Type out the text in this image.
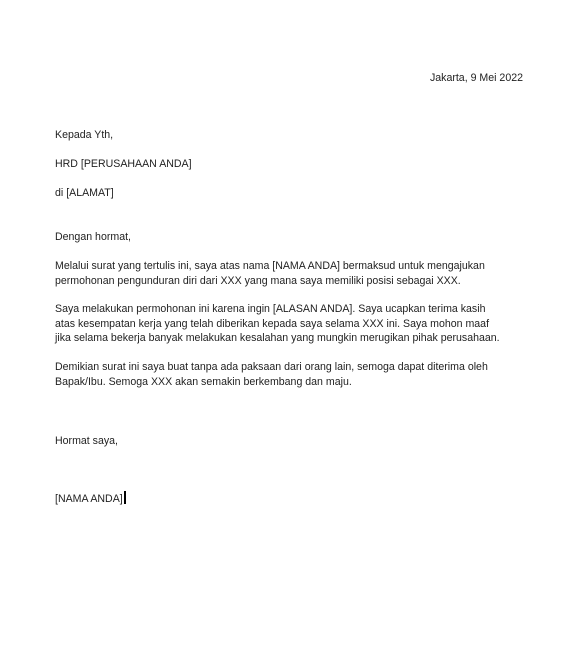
Jakarta, 9 Mei 2022
Kepada Yth,
HRD [PERUSAHAAN ANDA]
di [ALAMAT]
Dengan hormat,
Melalui surat yang tertulis ini, saya atas nama [NAMA ANDA] bermaksud untuk mengajukan
permohonan pengunduran diri dari XXX yang mana saya memiliki posisi sebagai XXX.
Saya melakukan permohonan ini karena ingin [ALASAN ANDA]. Saya ucapkan terima kasih
atas kesempatan kerja yang telah diberikan kepada saya selama XXX ini. Saya mohon maaf
jika selama bekerja banyak melakukan kesalahan yang mungkin merugikan pihak perusahaan.
Demikian surat ini saya buat tanpa ada paksaan dari orang lain, semoga dapat diterima oleh
Bapak/Ibu. Semoga XXX akan semakin berkembang dan maju.
Hormat saya,
[NAMA ANDA]
